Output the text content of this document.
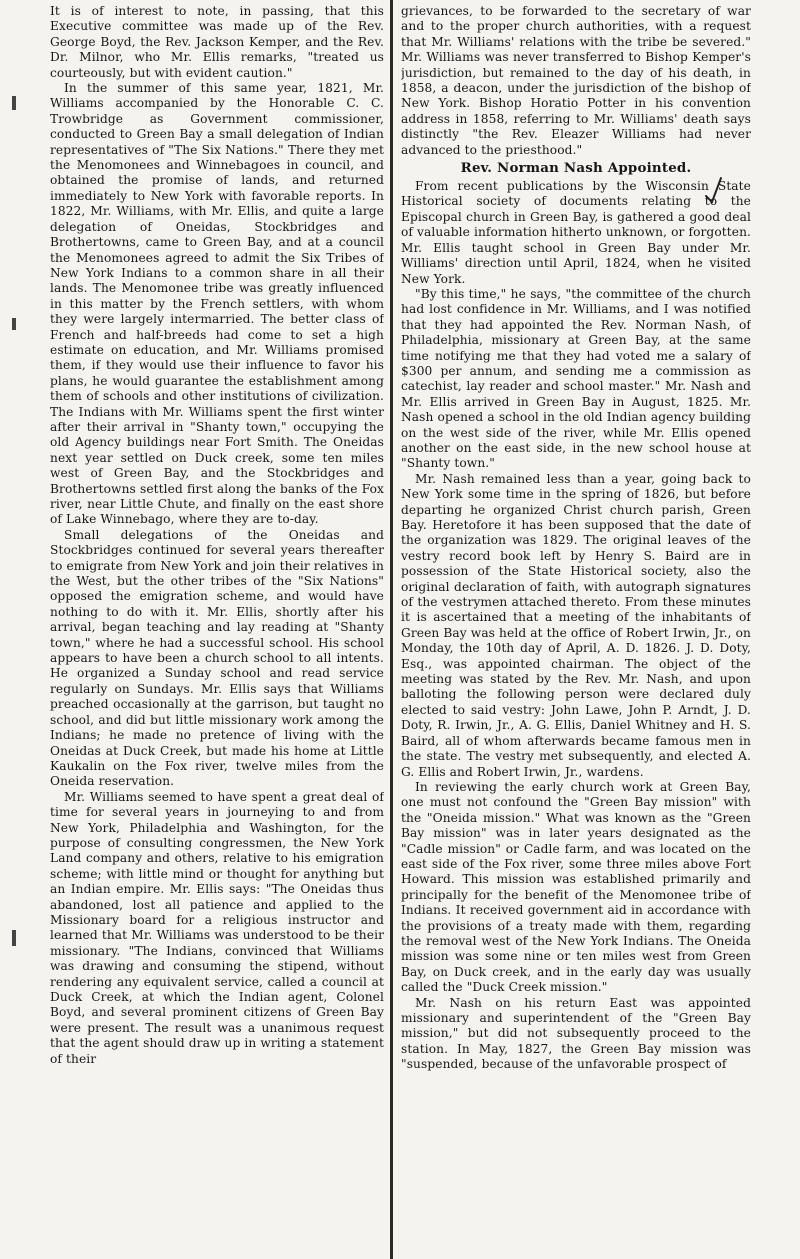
It is of interest to note, in passing, that this Executive committee was made up of the Rev. George Boyd, the Rev. Jackson Kemper, and the Rev. Dr. Milnor, who Mr. Ellis remarks, "treated us courteously, but with evident caution."

In the summer of this same year, 1821, Mr. Williams accompanied by the Honorable C. C. Trowbridge as Government commissioner, conducted to Green Bay a small delegation of Indian representatives of "The Six Nations." There they met the Menomonees and Winnebagoes in council, and obtained the promise of lands, and returned immediately to New York with favorable reports. In 1822, Mr. Williams, with Mr. Ellis, and quite a large delegation of Oneidas, Stockbridges and Brothertowns, came to Green Bay, and at a council the Menomonees agreed to admit the Six Tribes of New York Indians to a common share in all their lands. The Menomonee tribe was greatly influenced in this matter by the French settlers, with whom they were largely intermarried. The better class of French and half-breeds had come to set a high estimate on education, and Mr. Williams promised them, if they would use their influence to favor his plans, he would guarantee the establishment among them of schools and other institutions of civilization. The Indians with Mr. Williams spent the first winter after their arrival in "Shanty town," occupying the old Agency buildings near Fort Smith. The Oneidas next year settled on Duck creek, some ten miles west of Green Bay, and the Stockbridges and Brothertowns settled first along the banks of the Fox river, near Little Chute, and finally on the east shore of Lake Winnebago, where they are to-day.

Small delegations of the Oneidas and Stockbridges continued for several years thereafter to emigrate from New York and join their relatives in the West, but the other tribes of the "Six Nations" opposed the emigration scheme, and would have nothing to do with it. Mr. Ellis, shortly after his arrival, began teaching and lay reading at "Shanty town," where he had a successful school. His school appears to have been a church school to all intents. He organized a Sunday school and read service regularly on Sundays. Mr. Ellis says that Williams preached occasionally at the garrison, but taught no school, and did but little missionary work among the Indians; he made no pretence of living with the Oneidas at Duck Creek, but made his home at Little Kaukalin on the Fox river, twelve miles from the Oneida reservation.

Mr. Williams seemed to have spent a great deal of time for several years in journeying to and from New York, Philadelphia and Washington, for the purpose of consulting congressmen, the New York Land company and others, relative to his emigration scheme; with little mind or thought for anything but an Indian empire. Mr. Ellis says: "The Oneidas thus abandoned, lost all patience and applied to the Missionary board for a religious instructor and learned that Mr. Williams was understood to be their missionary. "The Indians, convinced that Williams was drawing and consuming the stipend, without rendering any equivalent service, called a council at Duck Creek, at which the Indian agent, Colonel Boyd, and several prominent citizens of Green Bay were present. The result was a unanimous request that the agent should draw up in writing a statement of their

grievances, to be forwarded to the secretary of war and to the proper church authorities, with a request that Mr. Williams' relations with the tribe be severed." Mr. Williams was never transferred to Bishop Kemper's jurisdiction, but remained to the day of his death, in 1858, a deacon, under the jurisdiction of the bishop of New York. Bishop Horatio Potter in his convention address in 1858, referring to Mr. Williams' death says distinctly "the Rev. Eleazer Williams had never advanced to the priesthood."

Rev. Norman Nash Appointed.

From recent publications by the Wisconsin State Historical society of documents relating to the Episcopal church in Green Bay, is gathered a good deal of valuable information hitherto unknown, or forgotten. Mr. Ellis taught school in Green Bay under Mr. Williams' direction until April, 1824, when he visited New York.

"By this time," he says, "the committee of the church had lost confidence in Mr. Williams, and I was notified that they had appointed the Rev. Norman Nash, of Philadelphia, missionary at Green Bay, at the same time notifying me that they had voted me a salary of $300 per annum, and sending me a commission as catechist, lay reader and school master." Mr. Nash and Mr. Ellis arrived in Green Bay in August, 1825. Mr. Nash opened a school in the old Indian agency building on the west side of the river, while Mr. Ellis opened another on the east side, in the new school house at "Shanty town."

Mr. Nash remained less than a year, going back to New York some time in the spring of 1826, but before departing he organized Christ church parish, Green Bay. Heretofore it has been supposed that the date of the organization was 1829. The original leaves of the vestry record book left by Henry S. Baird are in possession of the State Historical society, also the original declaration of faith, with autograph signatures of the vestrymen attached thereto. From these minutes it is ascertained that a meeting of the inhabitants of Green Bay was held at the office of Robert Irwin, Jr., on Monday, the 10th day of April, A. D. 1826. J. D. Doty, Esq., was appointed chairman. The object of the meeting was stated by the Rev. Mr. Nash, and upon balloting the following person were declared duly elected to said vestry: John Lawe, John P. Arndt, J. D. Doty, R. Irwin, Jr., A. G. Ellis, Daniel Whitney and H. S. Baird, all of whom afterwards became famous men in the state. The vestry met subsequently, and elected A. G. Ellis and Robert Irwin, Jr., wardens.

In reviewing the early church work at Green Bay, one must not confound the "Green Bay mission" with the "Oneida mission." What was known as the "Green Bay mission" was in later years designated as the "Cadle mission" or Cadle farm, and was located on the east side of the Fox river, some three miles above Fort Howard. This mission was established primarily and principally for the benefit of the Menomonee tribe of Indians. It received government aid in accordance with the provisions of a treaty made with them, regarding the removal west of the New York Indians. The Oneida mission was some nine or ten miles west from Green Bay, on Duck creek, and in the early day was usually called the "Duck Creek mission."

Mr. Nash on his return East was appointed missionary and superintendent of the "Green Bay mission," but did not subsequently proceed to the station. In May, 1827, the Green Bay mission was "suspended, because of the unfavorable prospect of
